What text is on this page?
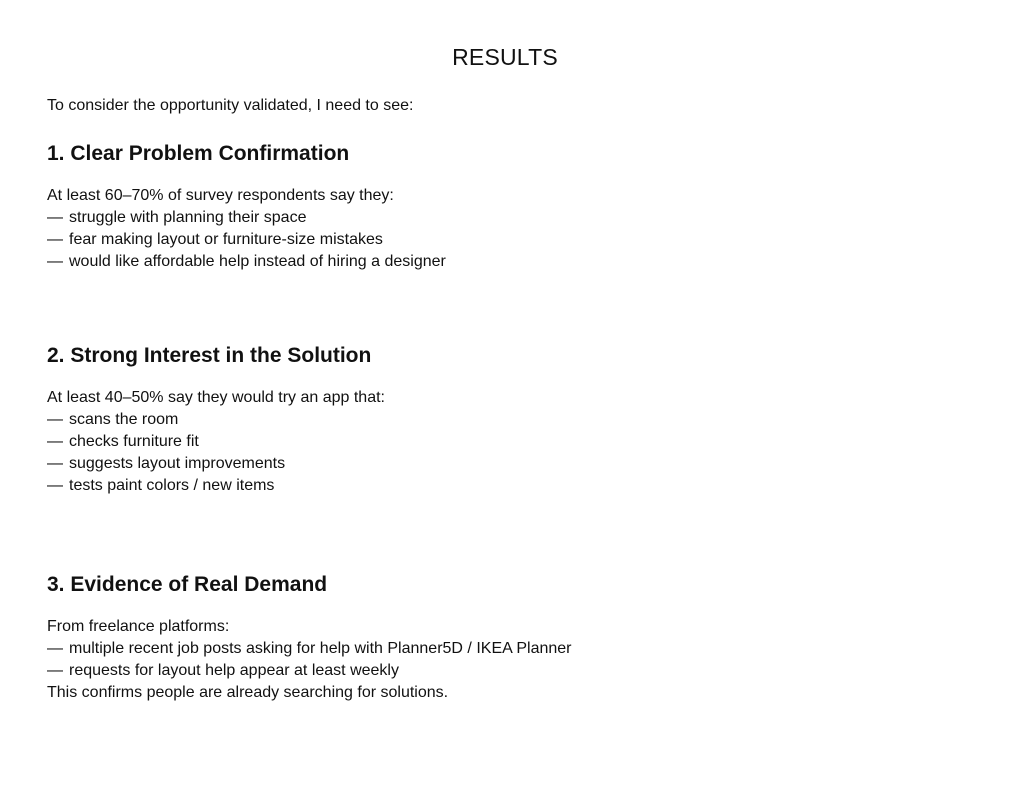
RESULTS

To consider the opportunity validated, I need to see:

1. Clear Problem Confirmation

At least 60–70% of survey respondents say they:

— struggle with planning their space
— fear making layout or furniture-size mistakes
— would like affordable help instead of hiring a designer
2. Strong Interest in the Solution

At least 40–50% say they would try an app that:

— scans the room
— checks furniture fit
— suggests layout improvements
— tests paint colors / new items
3. Evidence of Real Demand

From freelance platforms:

— multiple recent job posts asking for help with Planner5D / IKEA Planner
— requests for layout help appear at least weekly

This confirms people are already searching for solutions.
